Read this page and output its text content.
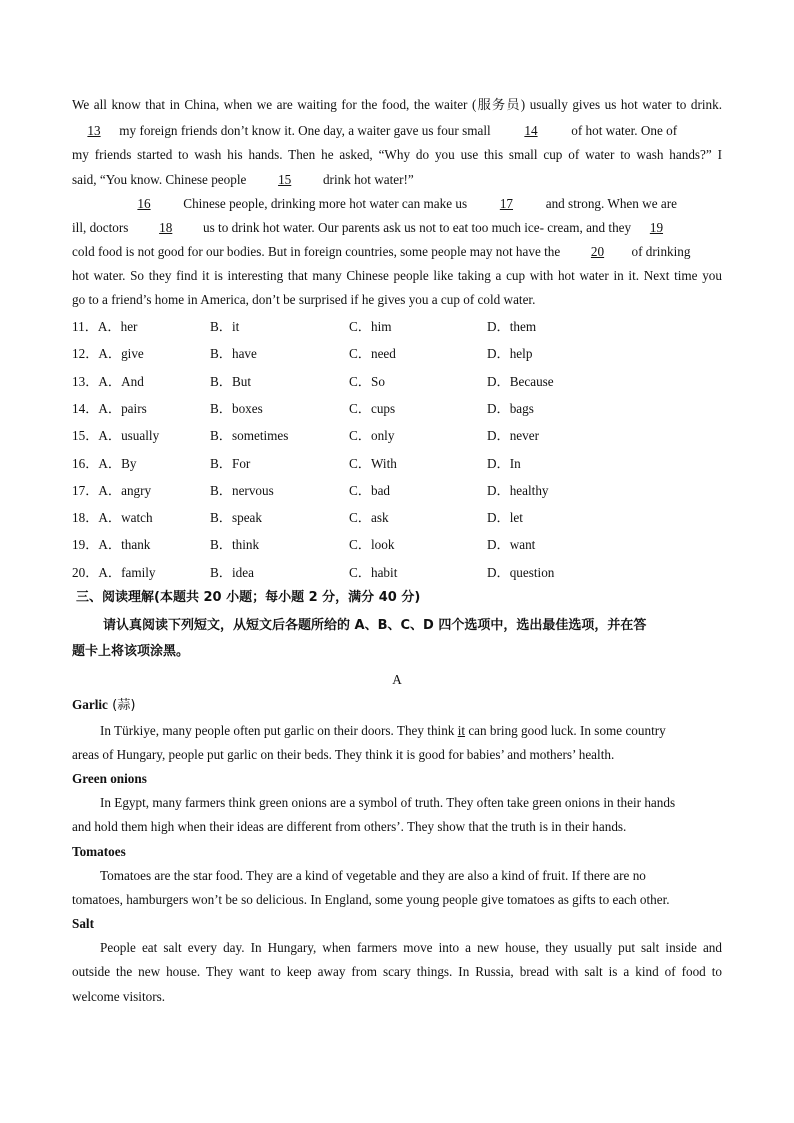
We all know that in China, when we are waiting for the food, the waiter (服务员) usually gives us hot water to drink.
13 my foreign friends don’t know it. One day, a waiter gave us four small 14 of hot water. One of
my friends started to wash his hands. Then he asked, “Why do you use this small cup of water to wash hands?” I
said, “You know. Chinese people 15 drink hot water!”
16 Chinese people, drinking more hot water can make us 17 and strong. When we are
ill, doctors 18 us to drink hot water. Our parents ask us not to eat too much ice- cream, and they 19
cold food is not good for our bodies. But in foreign countries, some people may not have the 20 of drinking
hot water. So they find it is interesting that many Chinese people like taking a cup with hot water in it. Next time you
go to a friend’s home in America, don’t be surprised if he gives you a cup of cold water.
11．A．her	B．it	C．him	D．them
12．A．give	B．have	C．need	D．help
13．A．And	B．But	C．So	D．Because
14．A．pairs	B．boxes	C．cups	D．bags
15．A．usually	B．sometimes	C．only	D．never
16．A．By	B．For	C．With	D．In
17．A．angry	B．nervous	C．bad	D．healthy
18．A．watch	B．speak	C．ask	D．let
19．A．thank	B．think	C．look	D．want
20．A．family	B．idea	C．habit	D．question
三、阅读理解(本题共 20 小题；每小题 2 分，满分 40 分)
请认真阅读下列短文，从短文后各题所给的 A、B、C、D 四个选项中，选出最佳选项，并在答
题卡上将该项涂黑。
A
Garlic (蒜)
In Türkiye, many people often put garlic on their doors. They think it can bring good luck. In some country
areas of Hungary, people put garlic on their beds. They think it is good for babies’ and mothers’ health.
Green onions
In Egypt, many farmers think green onions are a symbol of truth. They often take green onions in their hands
and hold them high when their ideas are different from others’. They show that the truth is in their hands.
Tomatoes
Tomatoes are the star food. They are a kind of vegetable and they are also a kind of fruit. If there are no
tomatoes, hamburgers won’t be so delicious. In England, some young people give tomatoes as gifts to each other.
Salt
People eat salt every day. In Hungary, when farmers move into a new house, they usually put salt inside and
outside the new house. They want to keep away from scary things. In Russia, bread with salt is a kind of food to
welcome visitors.
